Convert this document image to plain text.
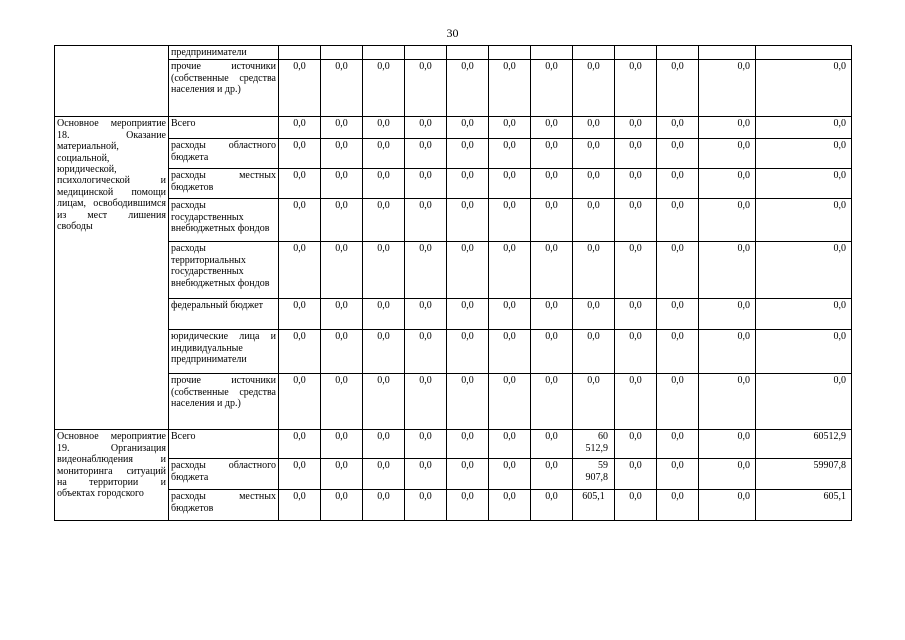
30
	предприниматели												
	прочие источники (собственные средства населения и др.)	0,0	0,0	0,0	0,0	0,0	0,0	0,0	0,0	0,0	0,0	0,0	0,0
Основное мероприятие 18. Оказание материальной, социальной, юридической, психологической и медицинской помощи лицам, освободившимся из мест лишения свободы	Всего	0,0	0,0	0,0	0,0	0,0	0,0	0,0	0,0	0,0	0,0	0,0	0,0
	расходы областного бюджета	0,0	0,0	0,0	0,0	0,0	0,0	0,0	0,0	0,0	0,0	0,0	0,0
	расходы местных бюджетов	0,0	0,0	0,0	0,0	0,0	0,0	0,0	0,0	0,0	0,0	0,0	0,0
	расходы государственных внебюджетных фондов	0,0	0,0	0,0	0,0	0,0	0,0	0,0	0,0	0,0	0,0	0,0	0,0
	расходы территориальных государственных внебюджетных фондов	0,0	0,0	0,0	0,0	0,0	0,0	0,0	0,0	0,0	0,0	0,0	0,0
	федеральный бюджет	0,0	0,0	0,0	0,0	0,0	0,0	0,0	0,0	0,0	0,0	0,0	0,0
	юридические лица и индивидуальные предприниматели	0,0	0,0	0,0	0,0	0,0	0,0	0,0	0,0	0,0	0,0	0,0	0,0
	прочие источники (собственные средства населения и др.)	0,0	0,0	0,0	0,0	0,0	0,0	0,0	0,0	0,0	0,0	0,0	0,0
Основное мероприятие 19. Организация видеонаблюдения и мониторинга ситуаций на территории и объектах городского	Всего	0,0	0,0	0,0	0,0	0,0	0,0	0,0	60 512,9	0,0	0,0	0,0	60512,9
	расходы областного бюджета	0,0	0,0	0,0	0,0	0,0	0,0	0,0	59 907,8	0,0	0,0	0,0	59907,8
	расходы местных бюджетов	0,0	0,0	0,0	0,0	0,0	0,0	0,0	605,1	0,0	0,0	0,0	605,1
